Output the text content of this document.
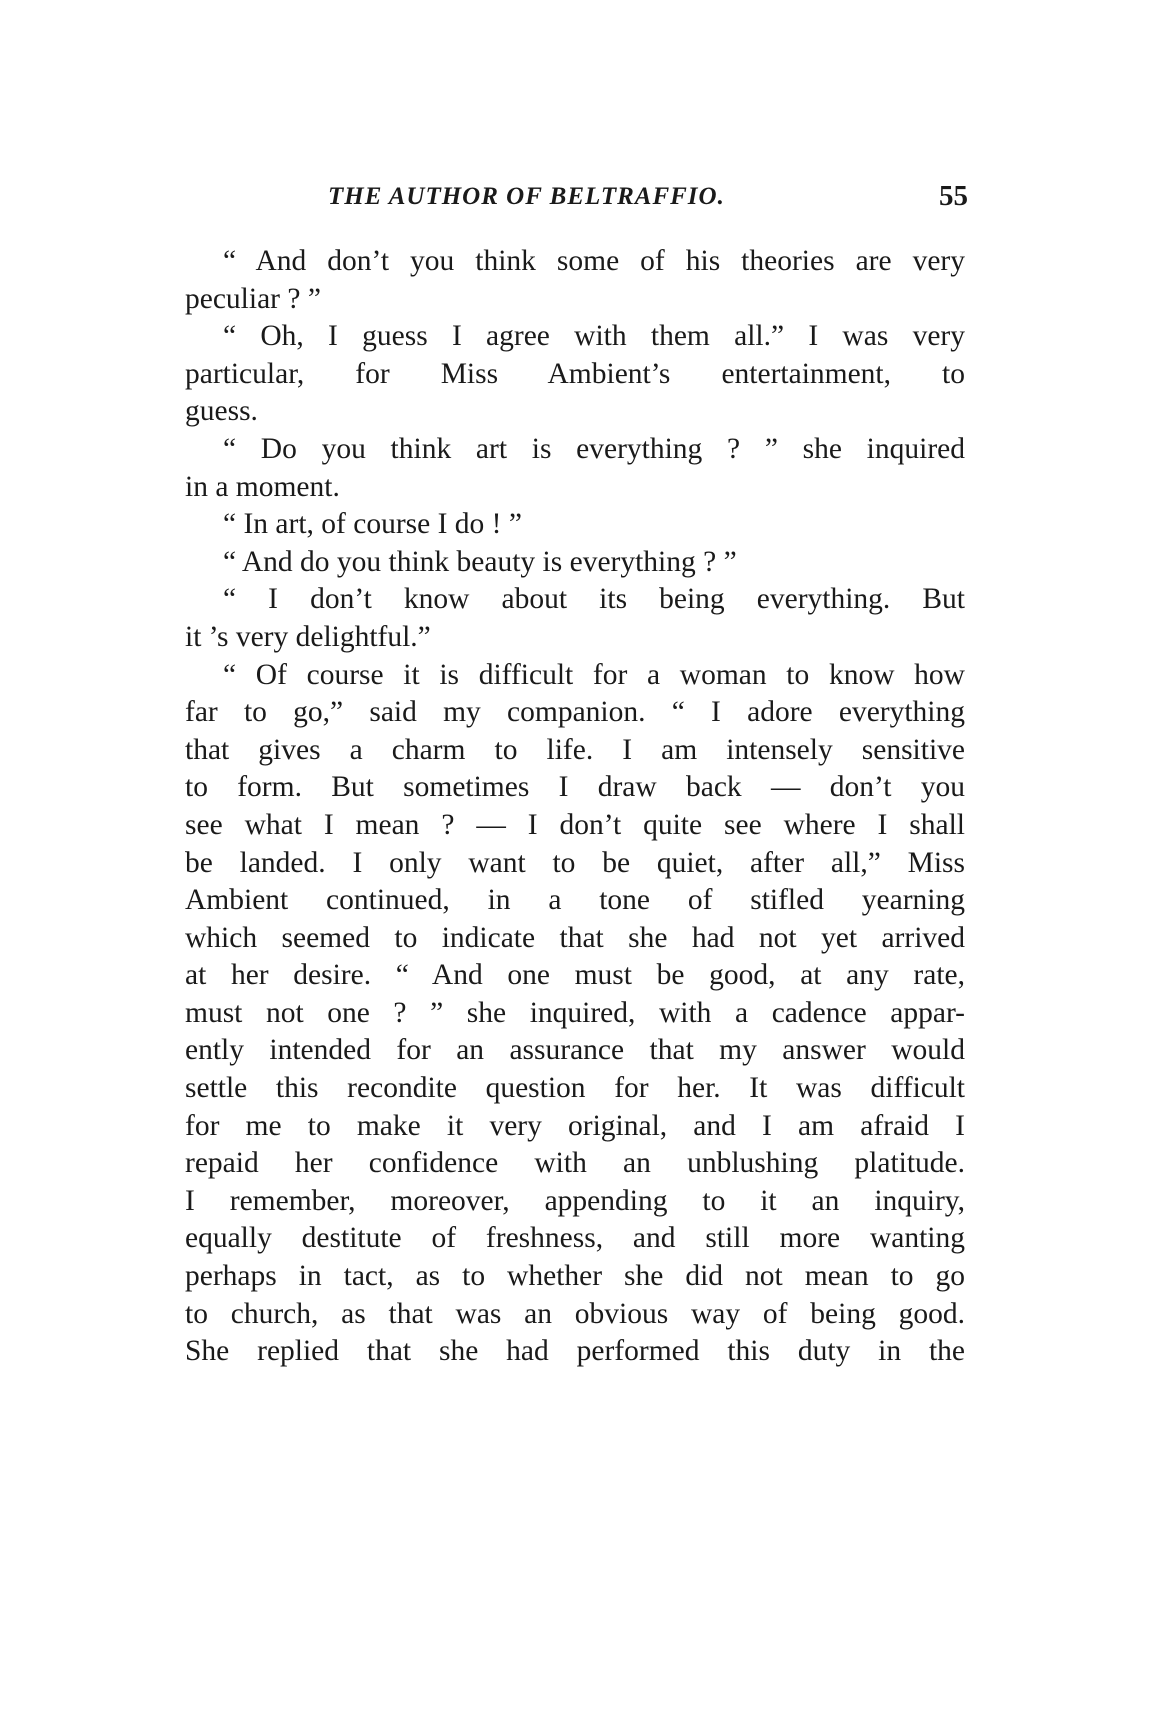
THE AUTHOR OF BELTRAFFIO.	55
“ And don’t you think some of his theories are very
peculiar ? ”
“ Oh, I guess I agree with them all.” I was very
particular, for Miss Ambient’s entertainment, to
guess.
“ Do you think art is everything ? ” she inquired
in a moment.
“ In art, of course I do ! ”
“ And do you think beauty is everything ? ”
“ I don’t know about its being everything. But
it ’s very delightful.”
“ Of course it is difficult for a woman to know how
far to go,” said my companion. “ I adore everything
that gives a charm to life. I am intensely sensitive
to form. But sometimes I draw back — don’t you
see what I mean ? — I don’t quite see where I shall
be landed. I only want to be quiet, after all,” Miss
Ambient continued, in a tone of stifled yearning
which seemed to indicate that she had not yet arrived
at her desire. “ And one must be good, at any rate,
must not one ? ” she inquired, with a cadence appar-
ently intended for an assurance that my answer would
settle this recondite question for her. It was difficult
for me to make it very original, and I am afraid I
repaid her confidence with an unblushing platitude.
I remember, moreover, appending to it an inquiry,
equally destitute of freshness, and still more wanting
perhaps in tact, as to whether she did not mean to go
to church, as that was an obvious way of being good.
She replied that she had performed this duty in the
